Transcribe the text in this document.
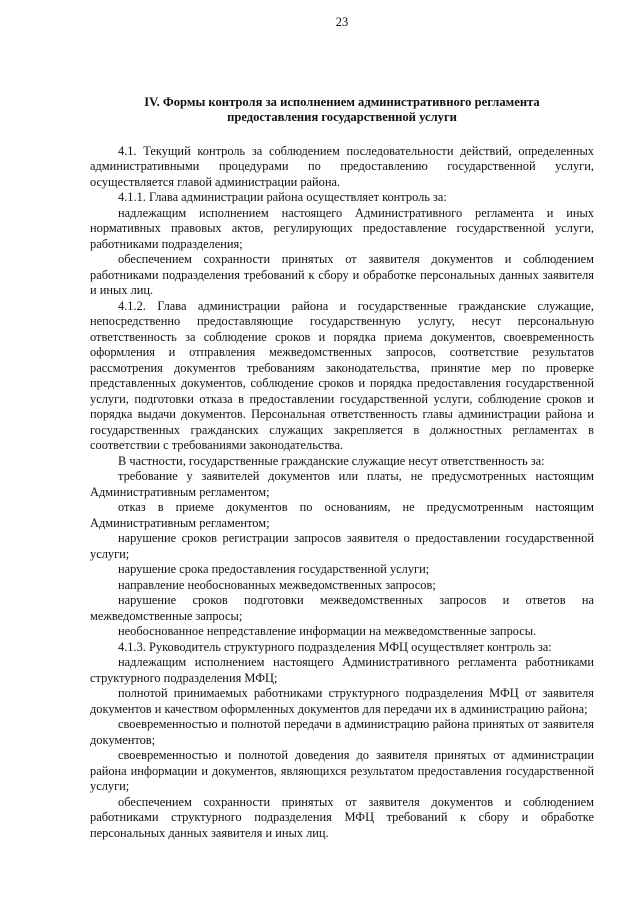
23
IV. Формы контроля за исполнением административного регламента
предоставления государственной услуги

4.1. Текущий контроль за соблюдением последовательности действий, определенных административными процедурами по предоставлению государственной услуги, осуществляется главой администрации района.

4.1.1. Глава администрации района осуществляет контроль за:

надлежащим исполнением настоящего Административного регламента и иных нормативных правовых актов, регулирующих предоставление государственной услуги, работниками подразделения;

обеспечением сохранности принятых от заявителя документов и соблюдением работниками подразделения требований к сбору и обработке персональных данных заявителя и иных лиц.

4.1.2. Глава администрации района и государственные гражданские служащие, непосредственно предоставляющие государственную услугу, несут персональную ответственность за соблюдение сроков и порядка приема документов, своевременность оформления и отправления межведомственных запросов, соответствие результатов рассмотрения документов требованиям законодательства, принятие мер по проверке представленных документов, соблюдение сроков и порядка предоставления государственной услуги, подготовки отказа в предоставлении государственной услуги, соблюдение сроков и порядка выдачи документов. Персональная ответственность главы администрации района и государственных гражданских служащих закрепляется в должностных регламентах в соответствии с требованиями законодательства.

В частности, государственные гражданские служащие несут ответственность за:

требование у заявителей документов или платы, не предусмотренных настоящим Административным регламентом;

отказ в приеме документов по основаниям, не предусмотренным настоящим Административным регламентом;

нарушение сроков регистрации запросов заявителя о предоставлении государственной услуги;

нарушение срока предоставления государственной услуги;

направление необоснованных межведомственных запросов;

нарушение сроков подготовки межведомственных запросов и ответов на межведомственные запросы;

необоснованное непредставление информации на межведомственные запросы.

4.1.3. Руководитель структурного подразделения МФЦ осуществляет контроль за:

надлежащим исполнением настоящего Административного регламента работниками структурного подразделения МФЦ;

полнотой принимаемых работниками структурного подразделения МФЦ от заявителя документов и качеством оформленных документов для передачи их в администрацию района;

своевременностью и полнотой передачи в администрацию района принятых от заявителя документов;

своевременностью и полнотой доведения до заявителя принятых от администрации района информации и документов, являющихся результатом предоставления государственной услуги;

обеспечением сохранности принятых от заявителя документов и соблюдением работниками структурного подразделения МФЦ требований к сбору и обработке персональных данных заявителя и иных лиц.
